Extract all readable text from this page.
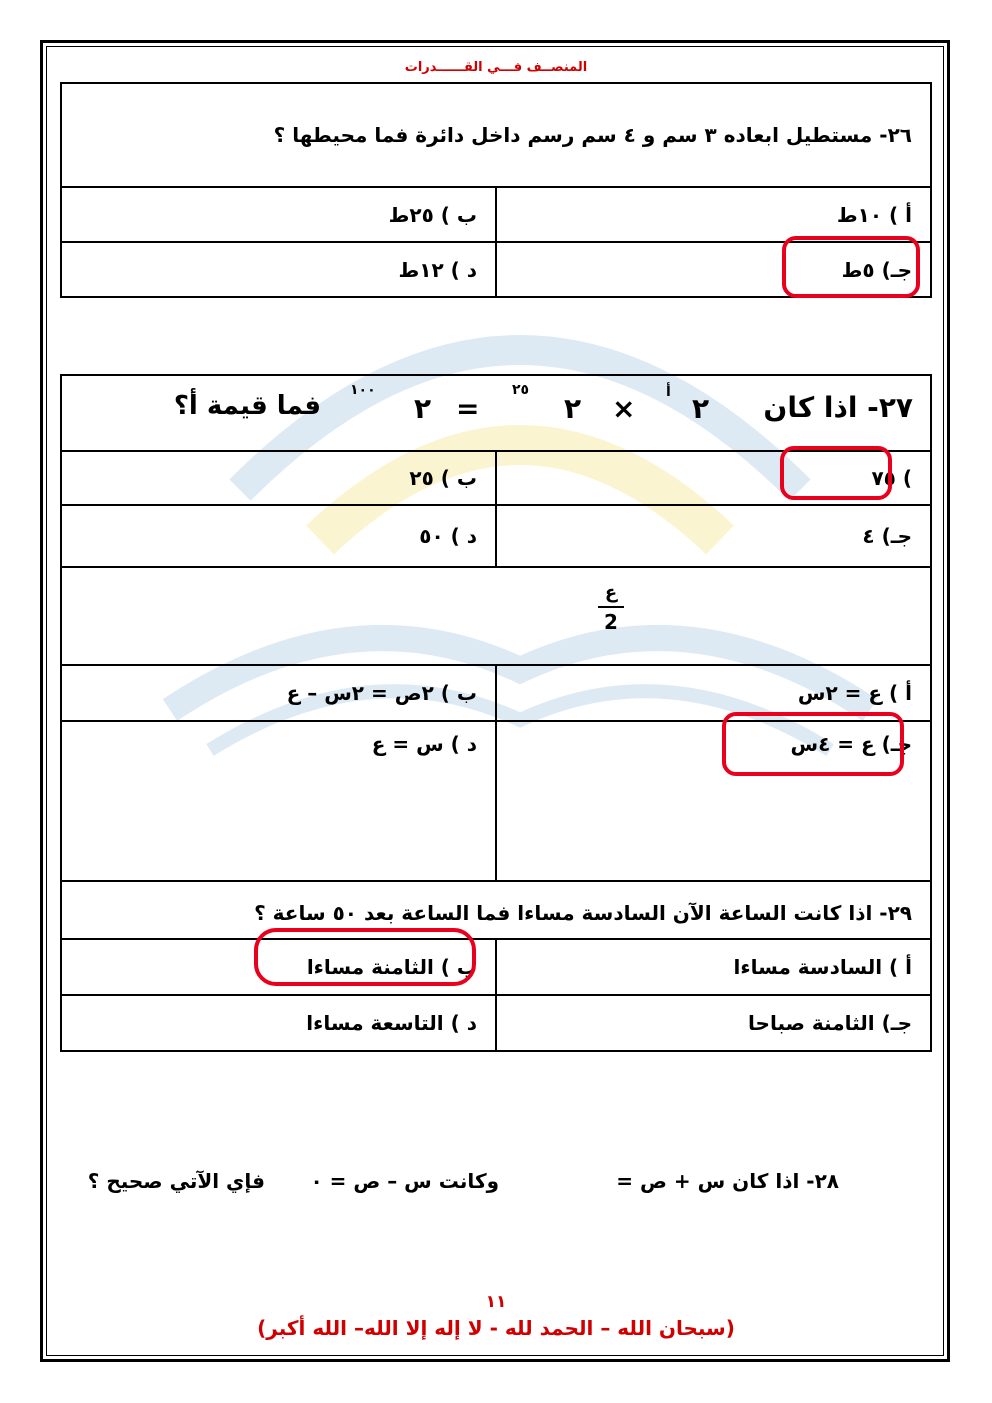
المنصــف فـــي القــــــدرات
٢٦- مستطيل ابعاده ٣ سم و ٤ سم رسم داخل دائرة فما محيطها ؟	
أ ) ١٠ط	ب ) ٢٥ط
جـ) ٥ط	د ) ١٢ط
٢٧- اذا كان
فما قيمة أ؟	

) ٧٥	ب ) ٢٥
جـ) ٤	د ) ٥٠
٢
أ
×
٢
٢٥
=
٢
١٠٠
٢٨- اذا كان س + ص =
وكانت س – ص = ٠
فإي الآتي صحيح ؟	

أ ) ع = ٢س	ب ) ٢ص = ٢س – ع
جـ) ع = ٤س	د ) س = ع
ع
2
٢٩- اذا كانت الساعة الآن السادسة مساءا فما الساعة بعد ٥٠ ساعة ؟	
أ ) السادسة مساءا	ب ) الثامنة مساءا
جـ) الثامنة صباحا	د ) التاسعة مساءا
١١
(سبحان الله – الحمد لله - لا إله إلا الله– الله أكبر)
